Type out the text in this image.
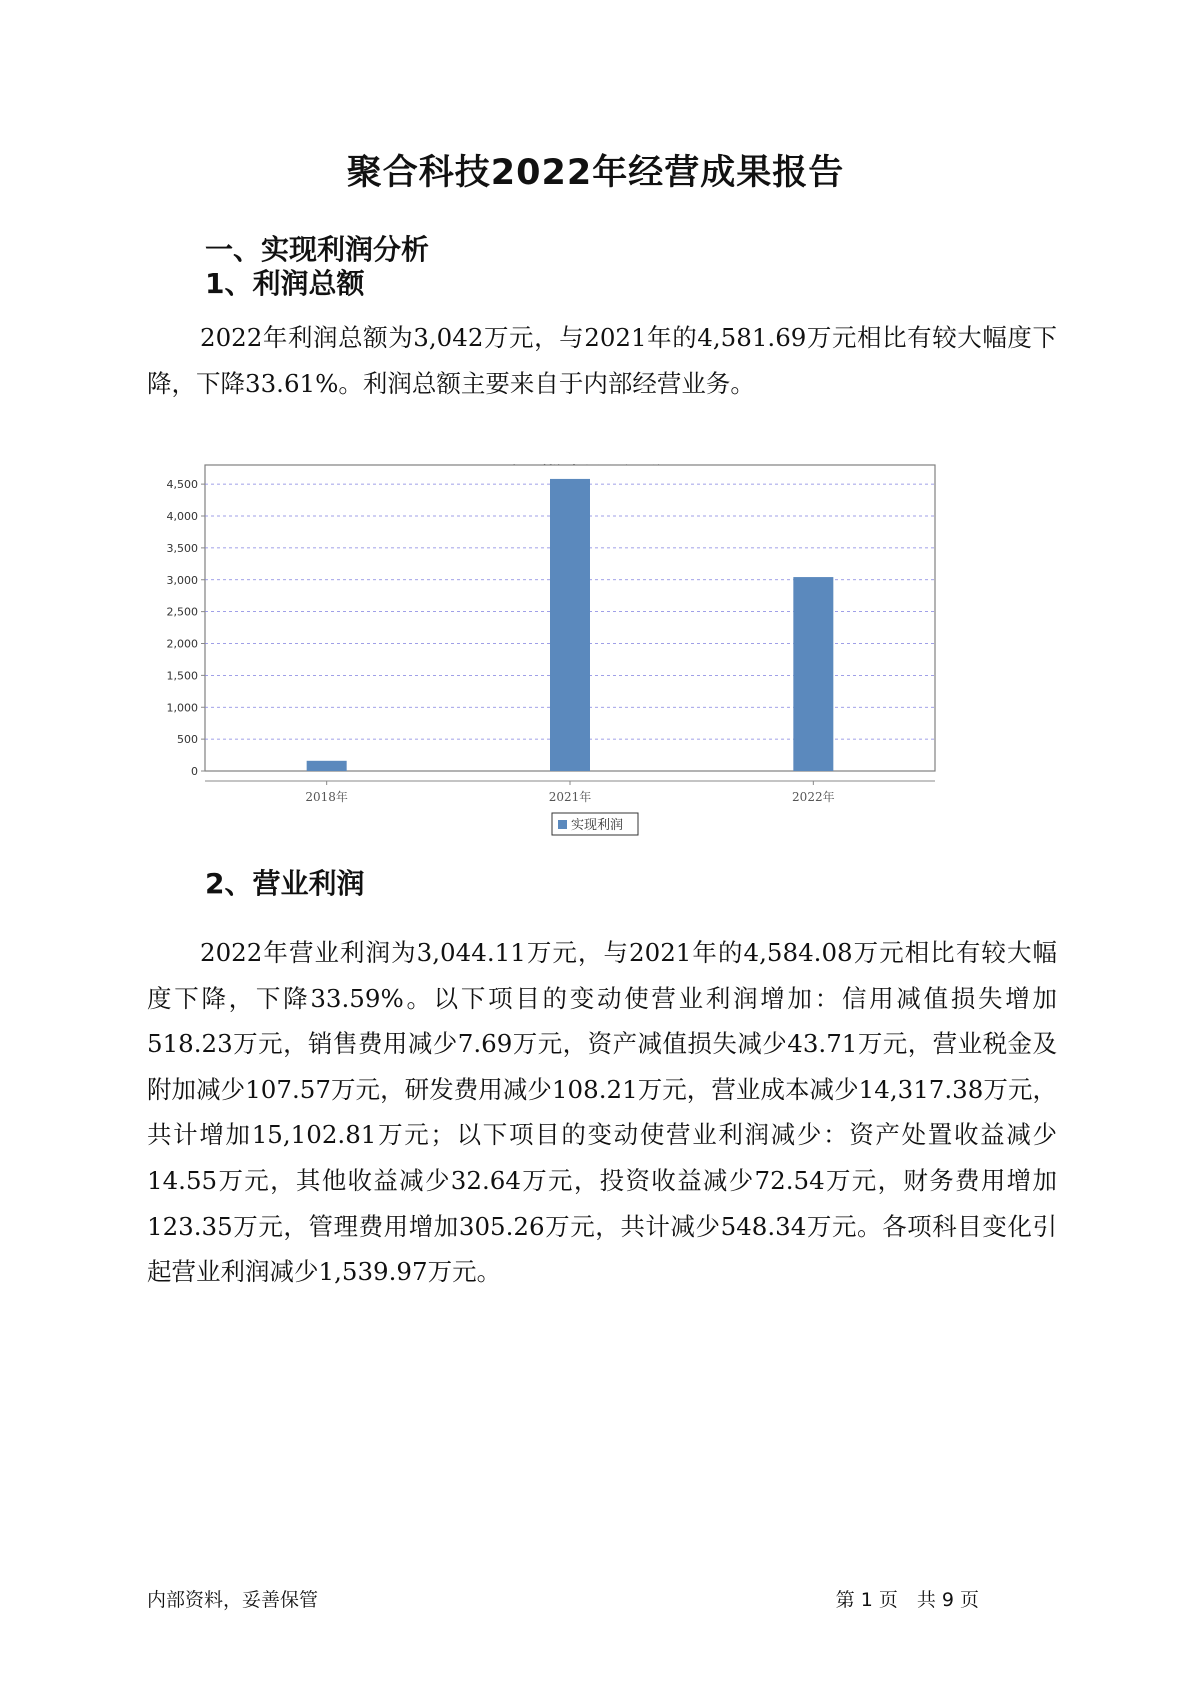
聚合科技2022年经营成果报告
一、实现利润分析
1、利润总额

2022年利润总额为3,042万元，与2021年的4,581.69万元相比有较大幅度下降，下降33.61%。利润总额主要来自于内部经营业务。

0
500
1,000
1,500
2,000
2,500
3,000
3,500
4,000
4,500
2018年	2021年	2022年
实现利润
2、营业利润

2022年营业利润为3,044.11万元，与2021年的4,584.08万元相比有较大幅度下降，下降33.59%。以下项目的变动使营业利润增加：信用减值损失增加518.23万元，销售费用减少7.69万元，资产减值损失减少43.71万元，营业税金及附加减少107.57万元，研发费用减少108.21万元，营业成本减少14,317.38万元，共计增加15,102.81万元；以下项目的变动使营业利润减少：资产处置收益减少14.55万元，其他收益减少32.64万元，投资收益减少72.54万元，财务费用增加123.35万元，管理费用增加305.26万元，共计减少548.34万元。各项科目变化引起营业利润减少1,539.97万元。

内部资料，妥善保管	第 1 页　共 9 页
